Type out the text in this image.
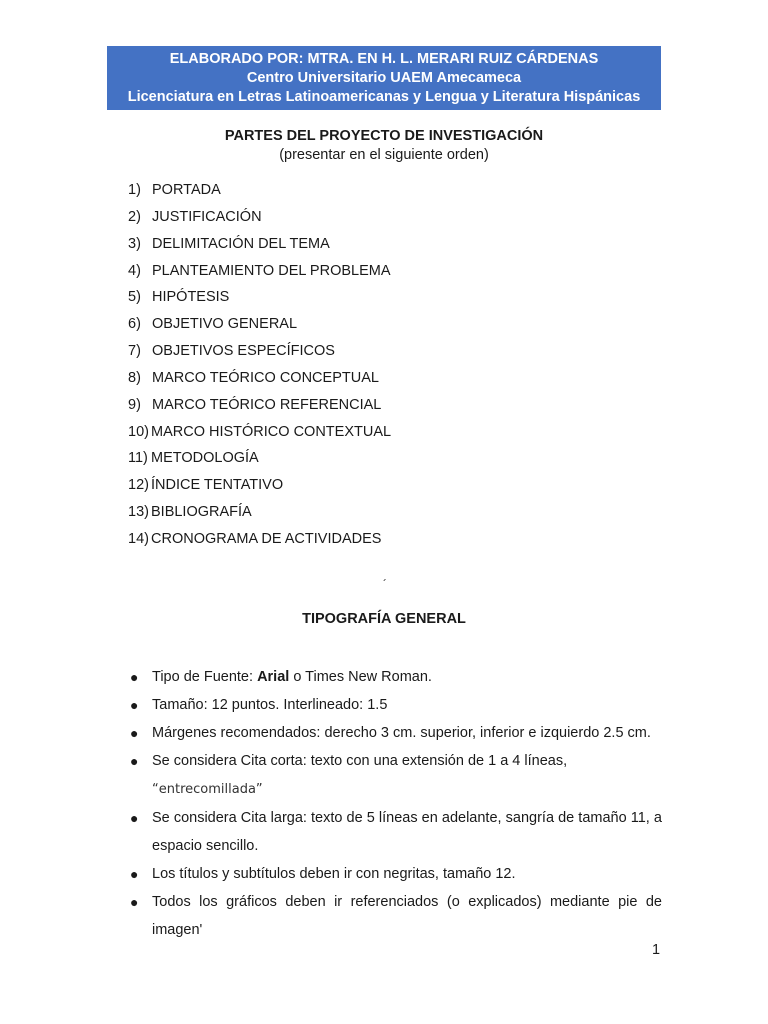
ELABORADO POR: MTRA. EN H. L. MERARI RUIZ CÁRDENAS
Centro Universitario UAEM Amecameca
Licenciatura en Letras Latinoamericanas y Lengua y Literatura Hispánicas
PARTES DEL PROYECTO DE INVESTIGACIÓN
(presentar en el siguiente orden)
1) PORTADA
2) JUSTIFICACIÓN
3) DELIMITACIÓN DEL TEMA
4) PLANTEAMIENTO DEL PROBLEMA
5) HIPÓTESIS
6) OBJETIVO GENERAL
7) OBJETIVOS ESPECÍFICOS
8) MARCO TEÓRICO CONCEPTUAL
9) MARCO TEÓRICO REFERENCIAL
10) MARCO HISTÓRICO CONTEXTUAL
11) METODOLOGÍA
12) ÍNDICE TENTATIVO
13) BIBLIOGRAFÍA
14) CRONOGRAMA DE ACTIVIDADES
´
TIPOGRAFÍA GENERAL
● Tipo de Fuente: Arial o Times New Roman.
● Tamaño: 12 puntos. Interlineado: 1.5
● Márgenes recomendados: derecho 3 cm. superior, inferior e izquierdo 2.5 cm.
● Se considera Cita corta: texto con una extensión de 1 a 4 líneas,
“entrecomillada”
● Se considera Cita larga: texto de 5 líneas en adelante, sangría de tamaño 11, a espacio sencillo.
● Los títulos y subtítulos deben ir con negritas, tamaño 12.
● Todos los gráficos deben ir referenciados (o explicados) mediante pie de imagen'
1
